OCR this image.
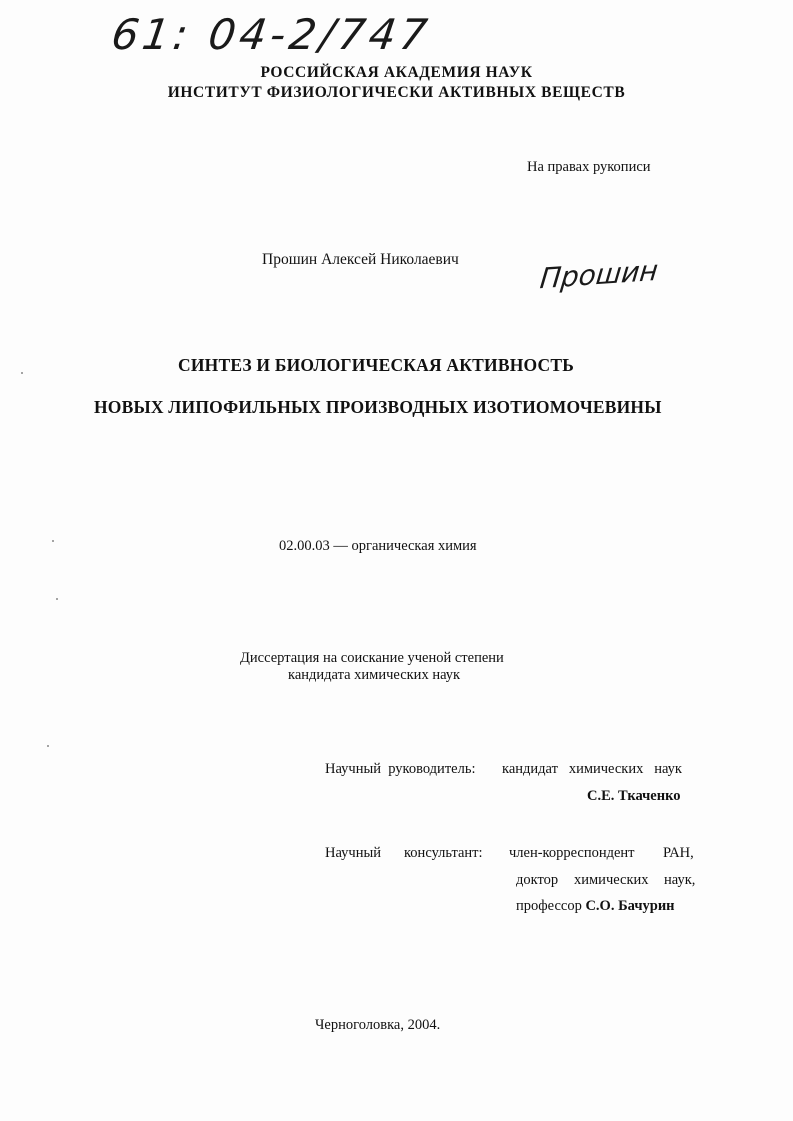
61: 04-2/747
РОССИЙСКАЯ АКАДЕМИЯ НАУК
ИНСТИТУТ ФИЗИОЛОГИЧЕСКИ АКТИВНЫХ ВЕЩЕСТВ
На правах рукописи
Прошин Алексей Николаевич	Прошин
СИНТЕЗ И БИОЛОГИЧЕСКАЯ АКТИВНОСТЬ
НОВЫХ ЛИПОФИЛЬНЫХ ПРОИЗВОДНЫХ ИЗОТИОМОЧЕВИНЫ
02.00.03 — органическая химия
Диссертация на соискание ученой степени
кандидата химических наук
Научный руководитель: кандидат химических наук
С.Е. Ткаченко
Научный консультант: член-корреспондент РАН,
доктор химических наук,
профессор С.О. Бачурин
Черноголовка, 2004.
